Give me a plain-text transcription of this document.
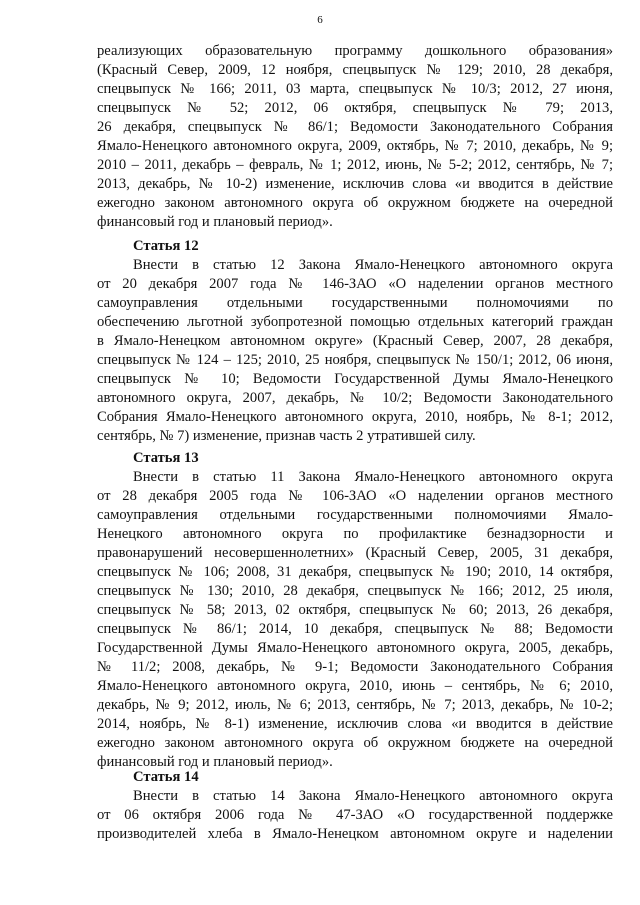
6
реализующих образовательную программу дошкольного образования»
(Красный Север, 2009, 12 ноября, спецвыпуск № 129; 2010, 28 декабря,
спецвыпуск № 166; 2011, 03 марта, спецвыпуск № 10/3; 2012, 27 июня,
спецвыпуск № 52; 2012, 06 октября, спецвыпуск № 79; 2013,
26 декабря, спецвыпуск № 86/1; Ведомости Законодательного Собрания
Ямало-Ненецкого автономного округа, 2009, октябрь, № 7; 2010, декабрь, № 9;
2010 – 2011, декабрь – февраль, № 1; 2012, июнь, № 5-2; 2012, сентябрь, № 7;
2013, декабрь, № 10-2) изменение, исключив слова «и вводится в действие
ежегодно законом автономного округа об окружном бюджете на очередной
финансовый год и плановый период».
Статья 12
Внести в статью 12 Закона Ямало-Ненецкого автономного округа
от 20 декабря 2007 года № 146-ЗАО «О наделении органов местного
самоуправления отдельными государственными полномочиями по
обеспечению льготной зубопротезной помощью отдельных категорий граждан
в Ямало-Ненецком автономном округе» (Красный Север, 2007, 28 декабря,
спецвыпуск № 124 – 125; 2010, 25 ноября, спецвыпуск № 150/1; 2012, 06 июня,
спецвыпуск № 10; Ведомости Государственной Думы Ямало-Ненецкого
автономного округа, 2007, декабрь, № 10/2; Ведомости Законодательного
Собрания Ямало-Ненецкого автономного округа, 2010, ноябрь, № 8-1; 2012,
сентябрь, № 7) изменение, признав часть 2 утратившей силу.
Статья 13
Внести в статью 11 Закона Ямало-Ненецкого автономного округа
от 28 декабря 2005 года № 106-ЗАО «О наделении органов местного
самоуправления отдельными государственными полномочиями Ямало-
Ненецкого автономного округа по профилактике безнадзорности и
правонарушений несовершеннолетних» (Красный Север, 2005, 31 декабря,
спецвыпуск № 106; 2008, 31 декабря, спецвыпуск № 190; 2010, 14 октября,
спецвыпуск № 130; 2010, 28 декабря, спецвыпуск № 166; 2012, 25 июля,
спецвыпуск № 58; 2013, 02 октября, спецвыпуск № 60; 2013, 26 декабря,
спецвыпуск № 86/1; 2014, 10 декабря, спецвыпуск № 88; Ведомости
Государственной Думы Ямало-Ненецкого автономного округа, 2005, декабрь,
№ 11/2; 2008, декабрь, № 9-1; Ведомости Законодательного Собрания
Ямало-Ненецкого автономного округа, 2010, июнь – сентябрь, № 6; 2010,
декабрь, № 9; 2012, июль, № 6; 2013, сентябрь, № 7; 2013, декабрь, № 10-2;
2014, ноябрь, № 8-1) изменение, исключив слова «и вводится в действие
ежегодно законом автономного округа об окружном бюджете на очередной
финансовый год и плановый период».
Статья 14
Внести в статью 14 Закона Ямало-Ненецкого автономного округа
от 06 октября 2006 года № 47-ЗАО «О государственной поддержке
производителей хлеба в Ямало-Ненецком автономном округе и наделении
